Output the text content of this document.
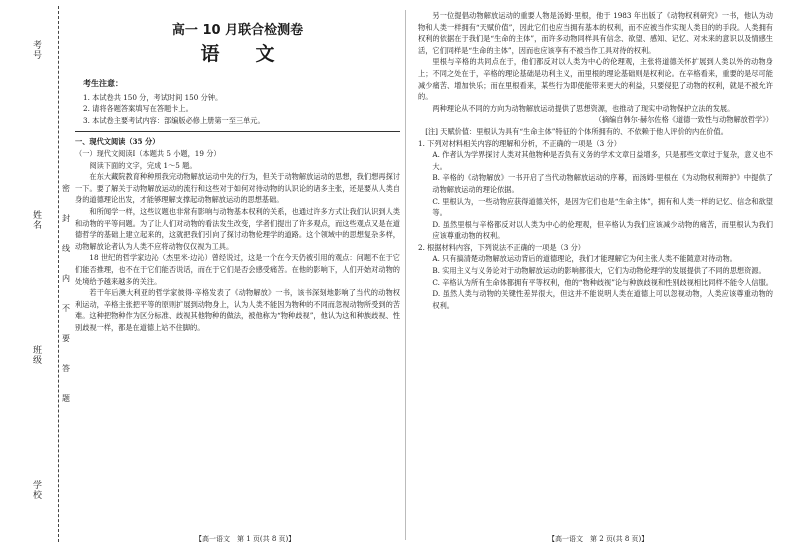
考号
姓名
班级
学校
密
封
线
内
不
要
答
题
高一 10 月联合检测卷
语文
考生注意：
1. 本试卷共 150 分，考试时间 150 分钟。
2. 请将各题答案填写在答题卡上。
3. 本试卷主要考试内容：部编版必修上册第一至三单元。
一、现代文阅读（35 分）

（一）现代文阅读Ⅰ（本题共 5 小题，19 分）

阅读下面的文字，完成 1～5 题。

在东大藏院教育种种照我完动物解放运动中先的行为，但关于动物解放运动的思想，我们想再探讨一下。要了解关于动物解放运动的流行和这些对于如何对待动物的认识论的诸多主张，还是要从人类自身的道德理论出发，才能够理解支撑起动物解放运动的思想基础。

和所闻学一样，这些议题也非常有影响与动物基本权利的关系，也通过许多方式让我们认识到人类和动物的平等问题。为了让人们对动物的看法发生改变，学者们提出了许多观点，而这些观点又是在道德哲学的基础上建立起来的，这就把我们引向了探讨动物伦理学的道路。这个领域中的思想复杂多样，动物解放论者认为人类不应将动物仅仅视为工具。

18 世纪的哲学家边沁（杰里米·边沁）曾经说过，这是一个在今天仍被引用的观点：问题不在于它们能否推理，也不在于它们能否说话，而在于它们是否会感受痛苦。在他的影响下，人们开始对动物的处境给予越来越多的关注。

若干年后澳大利亚的哲学家彼得·辛格发表了《动物解放》一书，该书深刻地影响了当代的动物权利运动，辛格主张把平等的原则扩展到动物身上，认为人类不能因为物种的不同而忽视动物所受到的苦难。这种把物种作为区分标准、歧视其他物种的做法，被他称为“物种歧视”，他认为这和种族歧视、性别歧视一样，都是在道德上站不住脚的。

另一位提倡动物解放运动的重要人物是汤姆·里根，他于 1983 年出版了《动物权利研究》一书，他认为动物和人类一样拥有“天赋价值”，因此它们也应当拥有基本的权利，而不应被当作实现人类目的的手段。人类拥有权利的依据在于我们是“生命的主体”，而许多动物同样具有信念、欲望、感知、记忆、对未来的意识以及情感生活，它们同样是“生命的主体”，因而也应该享有不被当作工具对待的权利。

里根与辛格的共同点在于，他们都反对以人类为中心的伦理观，主张将道德关怀扩展到人类以外的动物身上；不同之处在于，辛格的理论基础是功利主义，而里根的理论基础则是权利论。在辛格看来，重要的是尽可能减少痛苦、增加快乐；而在里根看来，某些行为即使能带来更大的利益，只要侵犯了动物的权利，就是不被允许的。

两种理论从不同的方向为动物解放运动提供了思想资源，也推动了现实中动物保护立法的发展。

（摘编自韩尔·赫尔佐格《道德一致性与动物解放哲学》）

[注] 天赋价值：里根认为具有“生命主体”特征的个体所拥有的、不依赖于他人评价的内在价值。

1. 下列对材料相关内容的理解和分析，不正确的一项是（3 分）

A. 作者认为学界探讨人类对其他物种是否负有义务的学术文章日益增多，只是那些文章过于复杂，意义也不大。

B. 辛格的《动物解放》一书开启了当代动物解放运动的序幕，而汤姆·里根在《为动物权利辩护》中提供了动物解放运动的理论依据。

C. 里根认为，一些动物应获得道德关怀，是因为它们也是“生命主体”，拥有和人类一样的记忆、信念和欲望等。

D. 虽然里根与辛格都反对以人类为中心的伦理观，但辛格认为我们应该减少动物的痛苦，而里根认为我们应该尊重动物的权利。

2. 根据材料内容，下列说法不正确的一项是（3 分）

A. 只有搞清楚动物解放运动背后的道德理论，我们才能理解它为何主张人类不能随意对待动物。

B. 实用主义与义务论对于动物解放运动的影响都很大，它们为动物伦理学的发展提供了不同的思想资源。

C. 辛格认为所有生命体都拥有平等权利，他的“物种歧视”论与种族歧视和性别歧视相比同样不能令人信服。

D. 虽然人类与动物的关键性差异很大，但这并不能说明人类在道德上可以忽视动物，人类应该尊重动物的权利。

【高一语文　第 1 页(共 8 页)】	【高一语文　第 2 页(共 8 页)】
